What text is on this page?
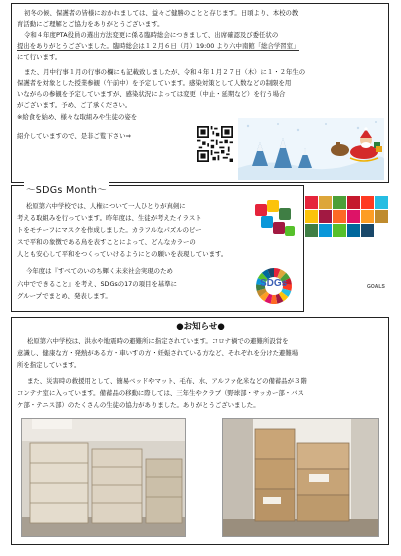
初冬の候、保護者の皆様におかれましては、益々ご健勝のことと存じます。日頃より、本校の教

育活動にご理解とご協力をありがとうございます。

令和４年度PTA役員の選出方法変更に係る臨時総会につきまして、出席確認及び委任状の

提出をありがとうございました。臨時総会は１２月６日（月）19:00 より六中南館「総合学習室」

にて行います。

また、月中行事１月の行事の欄にも記載致しましたが、令和４年１月２７日（木）に１・２年生の

保護者を対象とした授業参観（午前中）を予定しています。感染対策として人数などの制限を用

いながらの参観を予定していますが、感染状況によっては変更（中止・延期など）を行う場合

がございます。予め、ご了承ください。

※給食を始め、様々な取組みや生徒の姿を

紹介していますので、是非ご覧下さい⇒

～SDGs Month～

松原第六中学校では、人権について一人ひとりが真剣に

考える取組みを行っています。昨年度は、生徒が考えたイラスト

トをモチーフにマスクを作成しました。カラフルなパズルのピー

スで平和の象徴である鳥を表すことによって、どんなカラーの

人とも安心して平和をつくっていけるようにとの願いを表現しています。

今年度は『すべてのいのち輝く未来社会実現のため

六中でできること』を考え、SDGsの17の項目を基準に

グループでまとめ、発表します。

SDGs	GOALS

●お知らせ●

松原第六中学校は、洪水や地震時の避難所に指定されています。コロナ禍での避難所設営を

意識し、健康な方・発熱がある方・車いすの方・妊娠されている方など、それぞれを分けた避難場

所を指定しています。

また、災害時の救援用として、簡易ベッドやマット、毛布、水、アルファ化米などの備蓄品が３階

コンテナ室に入っています。備蓄品の移動に際しては、三年生やクラブ（野球部・サッカー部・バス

ケ部・テニス部）のたくさんの生徒の協力がありました。ありがとうございました。
